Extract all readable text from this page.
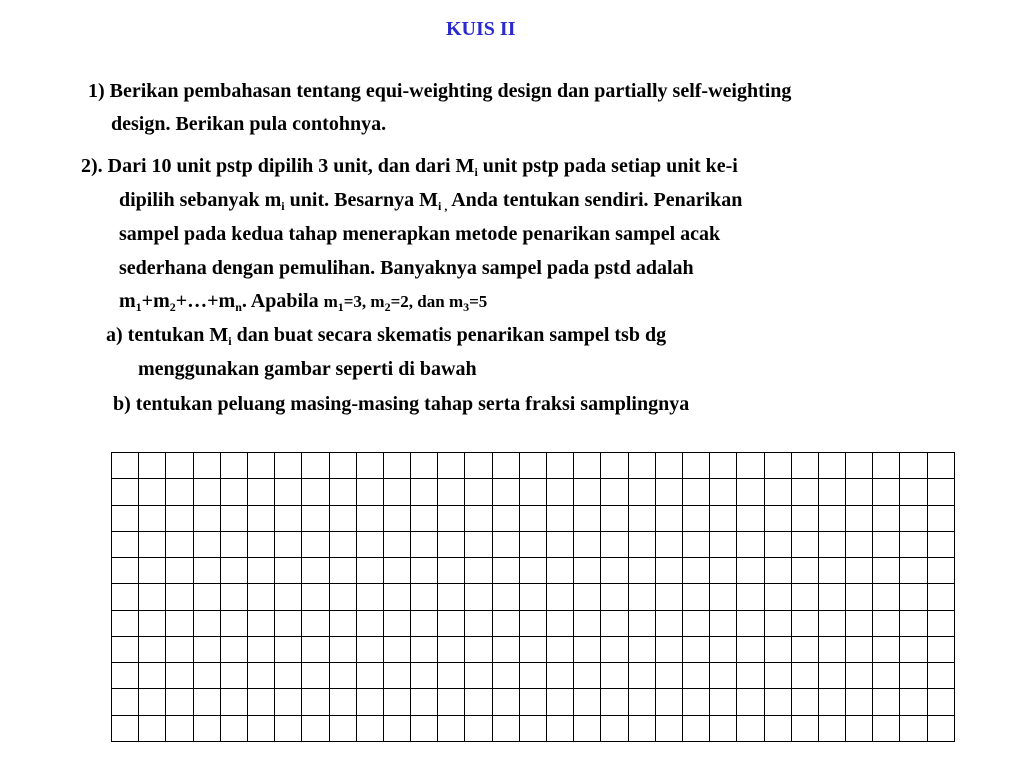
KUIS II
1) Berikan pembahasan tentang equi-weighting design dan partially self-weighting
design. Berikan pula contohnya.
2). Dari 10 unit pstp dipilih 3 unit, dan dari $M_i$ unit pstp pada setiap unit ke-i
dipilih sebanyak $m_i$ unit. Besarnya $M_{i ,}$ Anda tentukan sendiri. Penarikan
sampel pada kedua tahap menerapkan metode penarikan sampel acak
sederhana dengan pemulihan. Banyaknya sampel pada pstd adalah
$m_1+m_2+\dots+m_n$. Apabila $m_1=3$, $m_2=2$, dan $m_3=5$
a) tentukan $M_i$ dan buat secara skematis penarikan sampel tsb dg
menggunakan gambar seperti di bawah
b) tentukan peluang masing-masing tahap serta fraksi samplingnya
